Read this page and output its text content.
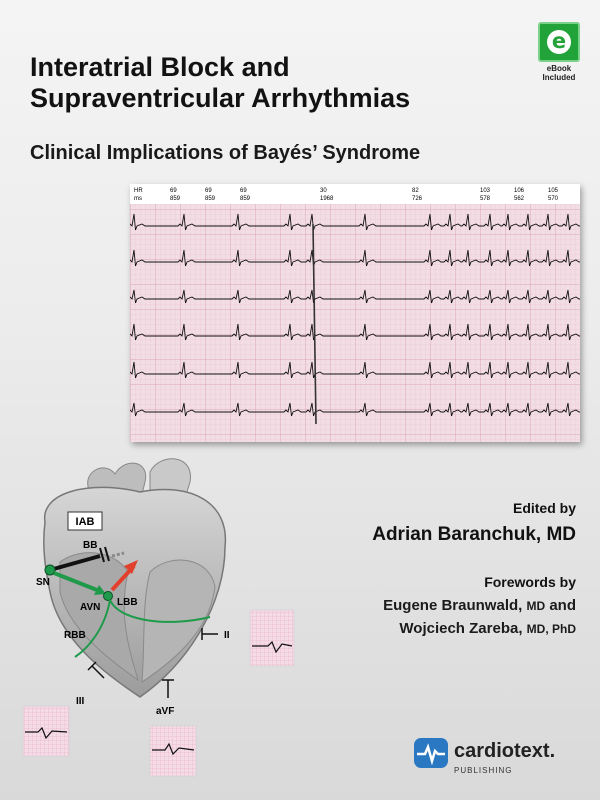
Interatrial Block and
Supraventricular Arrhythmias
Clinical Implications of Bayés’ Syndrome
e
eBook
Included
HR
ms
69
859
69
859
69
859
30
1968
82
726
103
578
106
562
105
570
IAB
BB
SN
AVN LBB
RBB	II
III
aVF
Edited by
Adrian Baranchuk, MD
Forewords by
Eugene Braunwald, MD and
Wojciech Zareba, MD, PhD
cardiotext.
PUBLISHING
